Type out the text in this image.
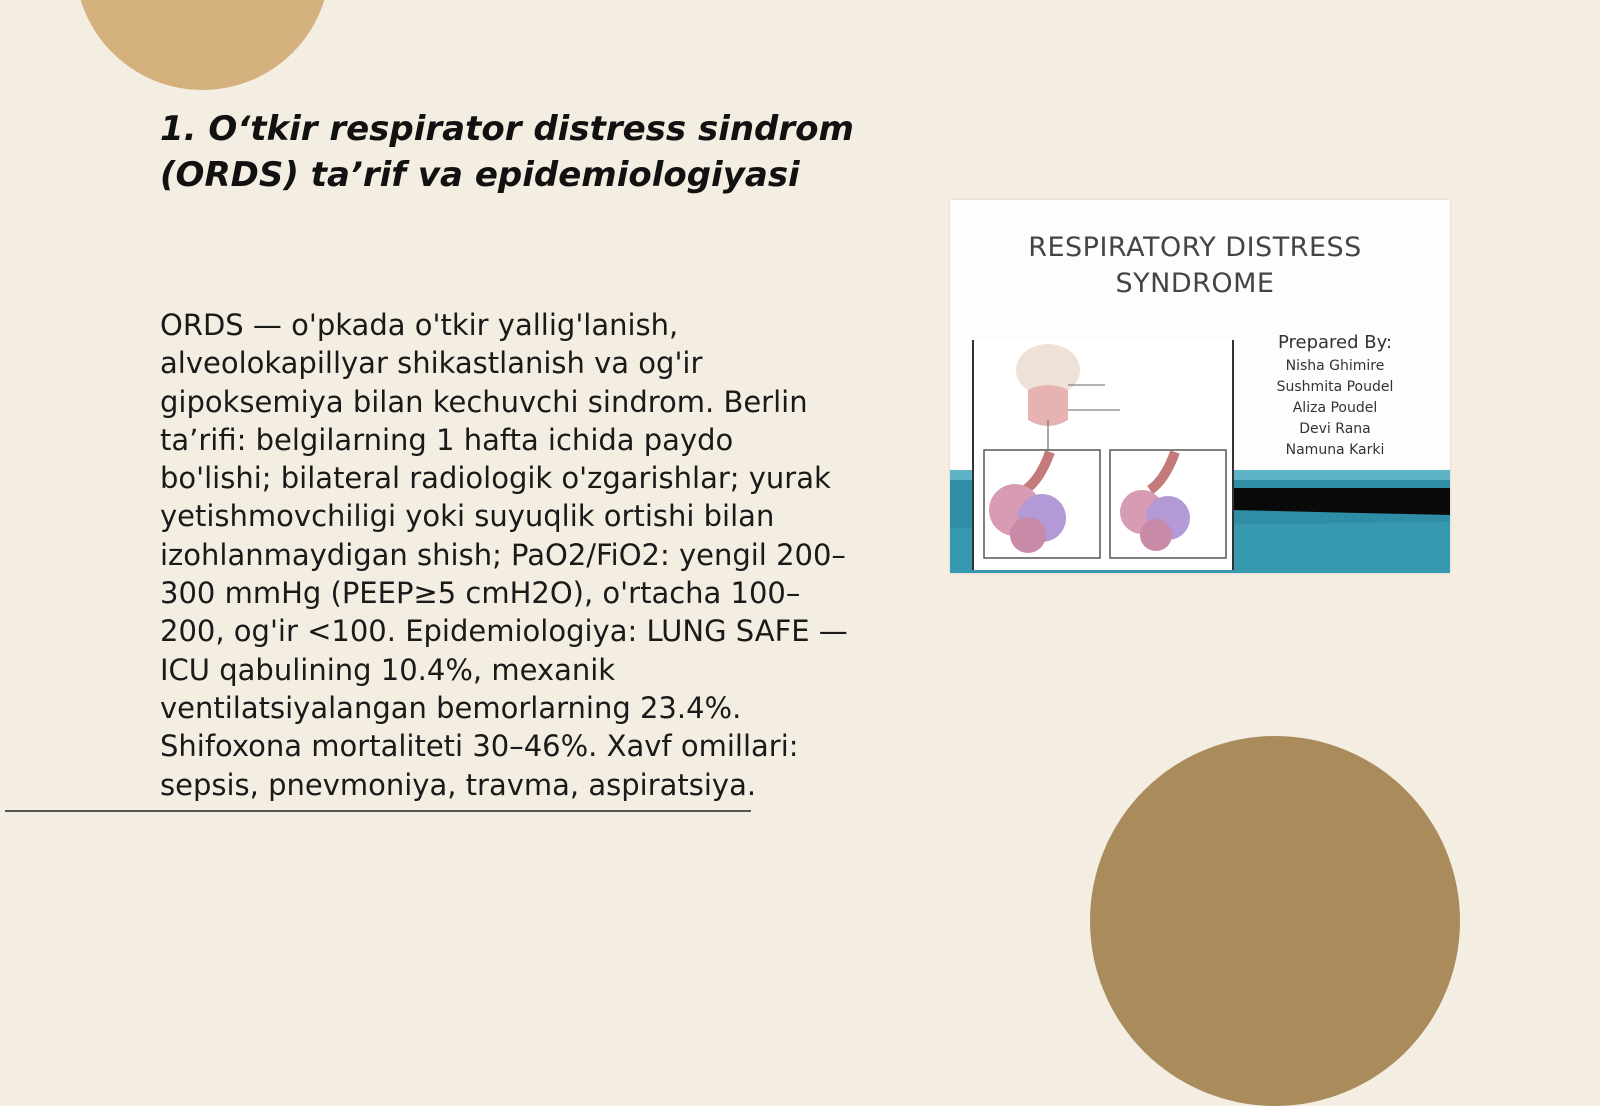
1. O‘tkir respirator distress sindrom (ORDS) ta’rif va epidemiologiyasi

ORDS — o'pkada o'tkir yallig'lanish, alveolokapillyar shikastlanish va og'ir gipoksemiya bilan kechuvchi sindrom. Berlin ta’rifi: belgilarning 1 hafta ichida paydo bo'lishi; bilateral radiologik o'zgarishlar; yurak yetishmovchiligi yoki suyuqlik ortishi bilan izohlanmaydigan shish; PaO2/FiO2: yengil 200–300 mmHg (PEEP≥5 cmH2O), o'rtacha 100–200, og'ir <100. Epidemiologiya: LUNG SAFE — ICU qabulining 10.4%, mexanik ventilatsiyalangan bemorlarning 23.4%. Shifoxona mortaliteti 30–46%. Xavf omillari: sepsis, pnevmoniya, travma, aspiratsiya.

RESPIRATORY DISTRESS
SYNDROME
Prepared By:
Nisha Ghimire
Sushmita Poudel
Aliza Poudel
Devi Rana
Namuna Karki
